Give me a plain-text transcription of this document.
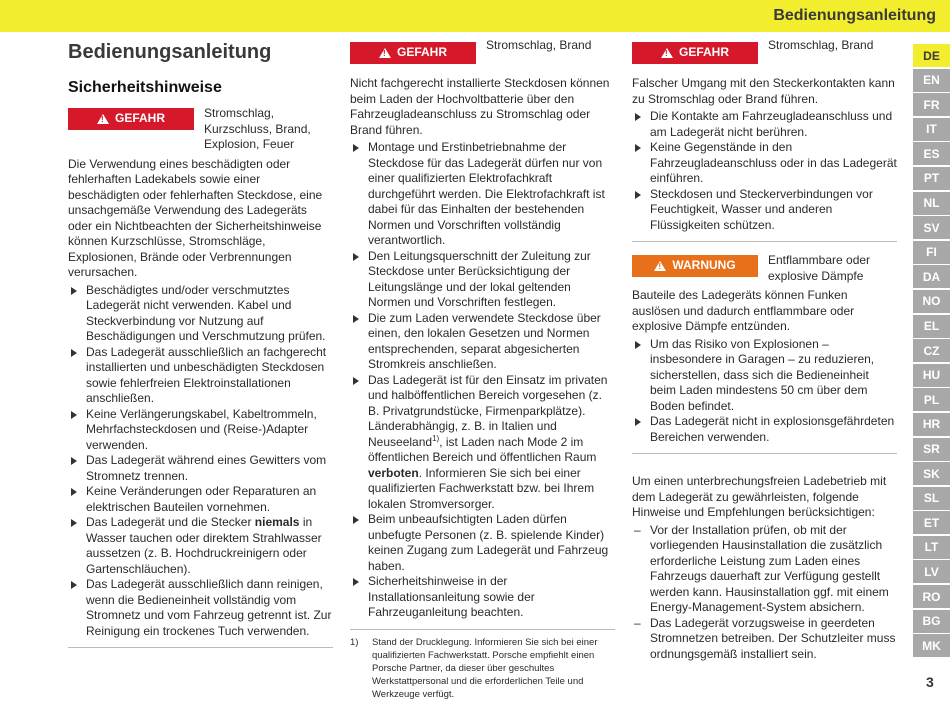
Bedienungsanleitung
Bedienungsanleitung
Sicherheitshinweise
!
GEFAHR	Stromschlag, Kurzschluss, Brand, Explosion, Feuer

Die Verwendung eines beschädigten oder fehlerhaften Ladekabels sowie einer beschädigten oder fehlerhaften Steckdose, eine unsachgemäße Verwendung des Ladegeräts oder ein Nichtbeachten der Sicherheitshinweise können Kurzschlüsse, Stromschläge, Explosionen, Brände oder Verbrennungen verursachen.

Beschädigtes und/oder verschmutztes Ladegerät nicht verwenden. Kabel und Steckverbindung vor Nutzung auf Beschädigungen und Verschmutzung prüfen.
Das Ladegerät ausschließlich an fachgerecht installierten und unbeschädigten Steckdosen sowie fehlerfreien Elektroinstallationen anschließen.
Keine Verlängerungskabel, Kabeltrommeln, Mehrfachsteckdosen und (Reise-)Adapter verwenden.
Das Ladegerät während eines Gewitters vom Stromnetz trennen.
Keine Veränderungen oder Reparaturen an elektrischen Bauteilen vornehmen.
Das Ladegerät und die Stecker niemals in Wasser tauchen oder direktem Strahlwasser aussetzen (z. B. Hochdruckreinigern oder Gartenschläuchen).
Das Ladegerät ausschließlich dann reinigen, wenn die Bedieneinheit vollständig vom Stromnetz und vom Fahrzeug getrennt ist. Zur Reinigung ein trockenes Tuch verwenden.
!
GEFAHR
Stromschlag, Brand

Nicht fachgerecht installierte Steckdosen können beim Laden der Hochvoltbatterie über den Fahrzeugladeanschluss zu Stromschlag oder Brand führen.

Montage und Erstinbetriebnahme der Steckdose für das Ladegerät dürfen nur von einer qualifizierten Elektrofachkraft durchgeführt werden. Die Elektrofachkraft ist dabei für das Einhalten der bestehenden Normen und Vorschriften vollständig verantwortlich.
Den Leitungsquerschnitt der Zuleitung zur Steckdose unter Berücksichtigung der Leitungslänge und der lokal geltenden Normen und Vorschriften festlegen.
Die zum Laden verwendete Steckdose über einen, den lokalen Gesetzen und Normen entsprechenden, separat abgesicherten Stromkreis anschließen.
Das Ladegerät ist für den Einsatz im privaten und halböffentlichen Bereich vorgesehen (z. B. Privatgrundstücke, Firmenparkplätze). Länderabhängig, z. B. in Italien und Neuseeland$^{1)}$, ist Laden nach Mode 2 im öffentlichen Bereich und öffentlichen Raum verboten. Informieren Sie sich bei einer qualifizierten Fachwerkstatt bzw. bei Ihrem lokalen Stromversorger.
Beim unbeaufsichtigten Laden dürfen unbefugte Personen (z. B. spielende Kinder) keinen Zugang zum Ladegerät und Fahrzeug haben.
Sicherheitshinweise in der Installationsanleitung sowie der Fahrzeuganleitung beachten.
1)	Stand der Drucklegung. Informieren Sie sich bei einer qualifizierten Fachwerkstatt. Porsche empfiehlt einen Porsche Partner, da dieser über geschultes Werkstattpersonal und die erforderlichen Teile und Werkzeuge verfügt.
!
GEFAHR
Stromschlag, Brand

Falscher Umgang mit den Steckerkontakten kann zu Stromschlag oder Brand führen.

Die Kontakte am Fahrzeugladeanschluss und am Ladegerät nicht berühren.
Keine Gegenstände in den Fahrzeugladeanschluss oder in das Ladegerät einführen.
Steckdosen und Steckerverbindungen vor Feuchtigkeit, Wasser und anderen Flüssigkeiten schützen.
!
WARNUNG	Entflammbare oder explosive Dämpfe

Bauteile des Ladegeräts können Funken auslösen und dadurch entflammbare oder explosive Dämpfe entzünden.

Um das Risiko von Explosionen – insbesondere in Garagen – zu reduzieren, sicherstellen, dass sich die Bedieneinheit beim Laden mindestens 50 cm über dem Boden befindet.
Das Ladegerät nicht in explosionsgefährdeten Bereichen verwenden.

Um einen unterbrechungsfreien Ladebetrieb mit dem Ladegerät zu gewährleisten, folgende Hinweise und Empfehlungen berücksichtigen:

– Vor der Installation prüfen, ob mit der vorliegenden Hausinstallation die zusätzlich erforderliche Leistung zum Laden eines Fahrzeugs dauerhaft zur Verfügung gestellt werden kann. Hausinstallation ggf. mit einem Energy-Management-System absichern.
– Das Ladegerät vorzugsweise in geerdeten Stromnetzen betreiben. Der Schutzleiter muss ordnungsgemäß installiert sein.
DE
EN
FR
IT
ES
PT
NL
SV
FI
DA
NO
EL
CZ
HU
PL
HR
SR
SK
SL
ET
LT
LV
RO
BG
MK
3
